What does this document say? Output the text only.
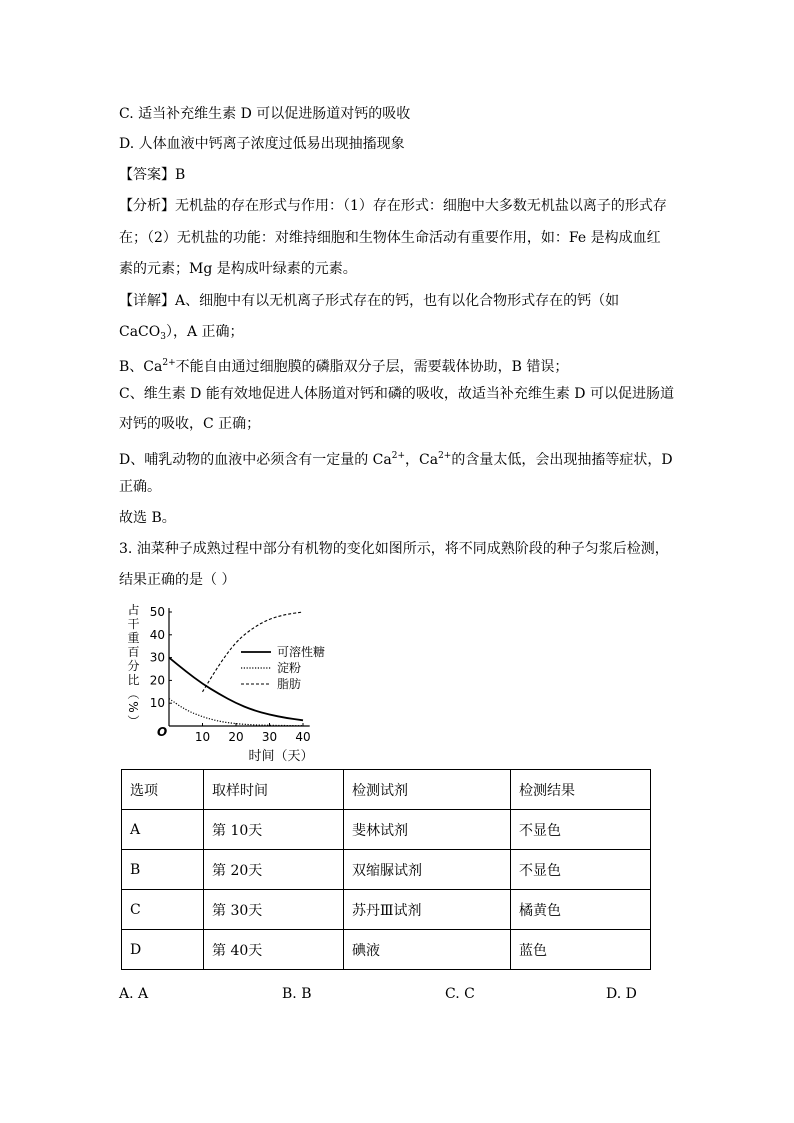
C. 适当补充维生素 D 可以促进肠道对钙的吸收
D. 人体血液中钙离子浓度过低易出现抽搐现象
【答案】B
【分析】无机盐的存在形式与作用：（1）存在形式：细胞中大多数无机盐以离子的形式存
在；（2）无机盐的功能：对维持细胞和生物体生命活动有重要作用，如：Fe 是构成血红
素的元素；Mg 是构成叶绿素的元素。
【详解】A、细胞中有以无机离子形式存在的钙，也有以化合物形式存在的钙（如
CaCO$_3$），A 正确；
B、$Ca^{2+}$不能自由通过细胞膜的磷脂双分子层，需要载体协助，B 错误；
C、维生素 D 能有效地促进人体肠道对钙和磷的吸收，故适当补充维生素 D 可以促进肠道
对钙的吸收，C 正确；
D、哺乳动物的血液中必须含有一定量的 $Ca^{2+}$，$Ca^{2+}$的含量太低，会出现抽搐等症状，D
正确。
故选 B。
3. 油菜种子成熟过程中部分有机物的变化如图所示，将不同成熟阶段的种子匀浆后检测，
结果正确的是（ ）
10 20 30 40
10
20
30
40
50
可溶性糖
淀粉
脂肪
占干重百分比（%）
时间（天）
O
选项	取样时间	检测试剂	检测结果
A	第 10天	斐林试剂	不显色
B	第 20天	双缩脲试剂	不显色
C	第 30天	苏丹Ⅲ试剂	橘黄色
D	第 40天	碘液	蓝色
A. A	B. B	C. C	D. D
